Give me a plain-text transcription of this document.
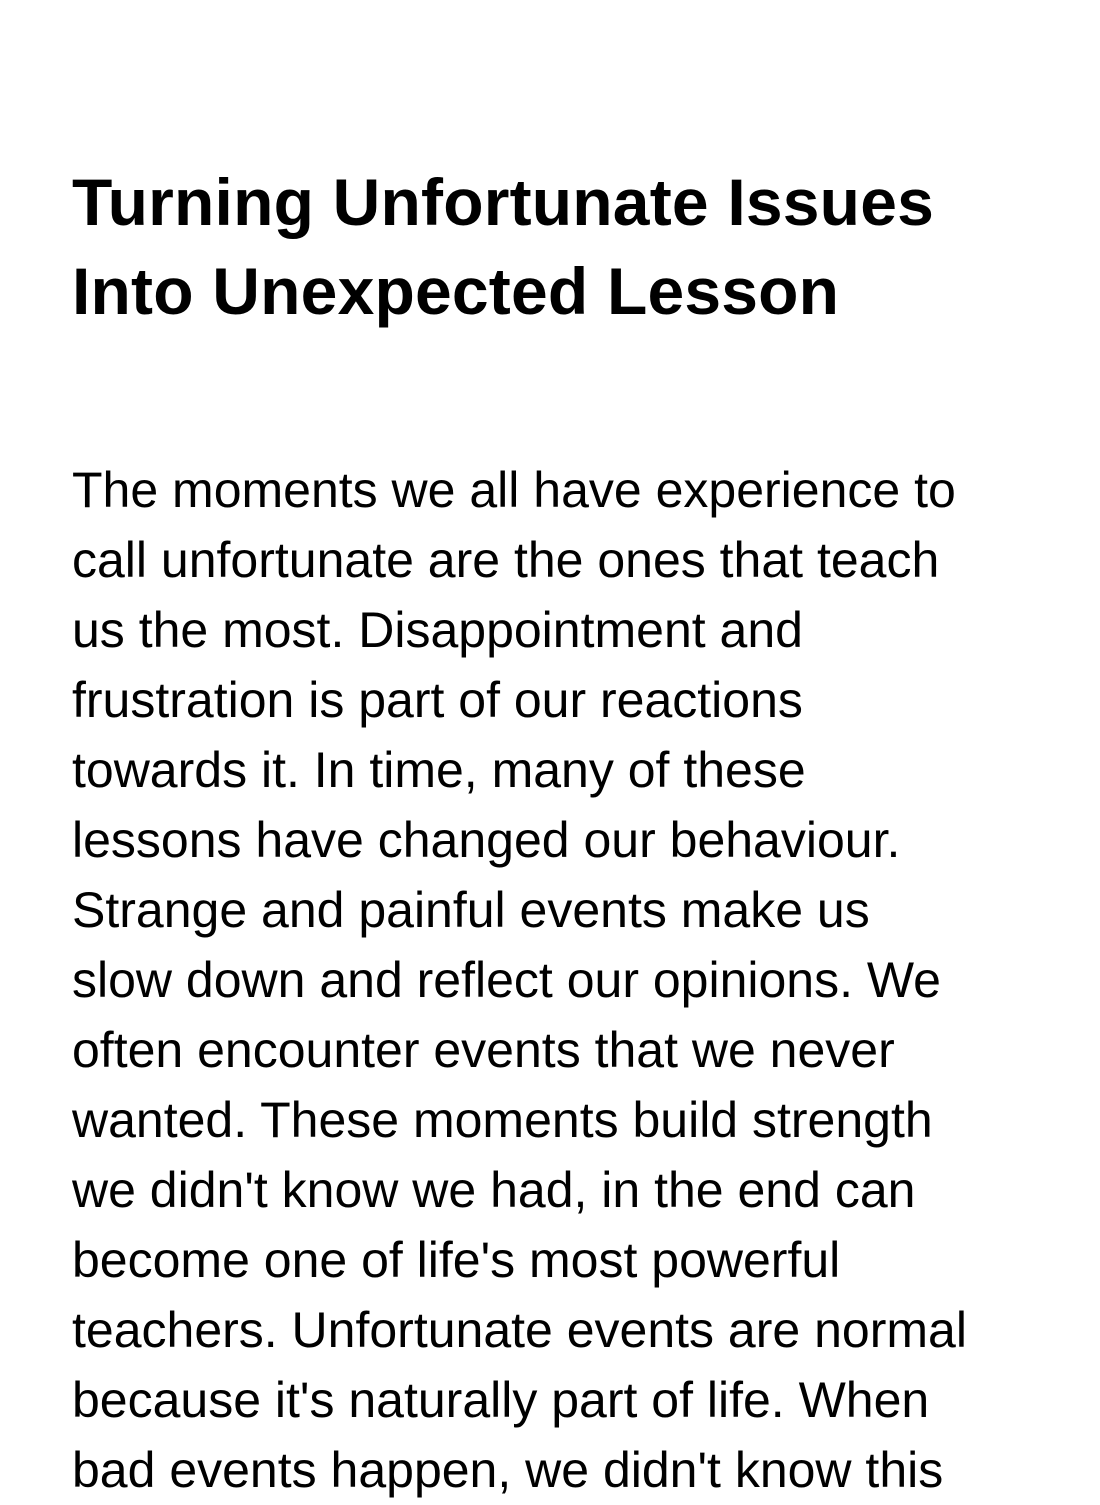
Turning Unfortunate Issues
Into Unexpected Lesson

The moments we all have experience to
call unfortunate are the ones that teach
us the most. Disappointment and
frustration is part of our reactions
towards it. In time, many of these
lessons have changed our behaviour.
Strange and painful events make us
slow down and reflect our opinions. We
often encounter events that we never
wanted. These moments build strength
we didn't know we had, in the end can
become one of life's most powerful
teachers. Unfortunate events are normal
because it's naturally part of life. When
bad events happen, we didn't know this
